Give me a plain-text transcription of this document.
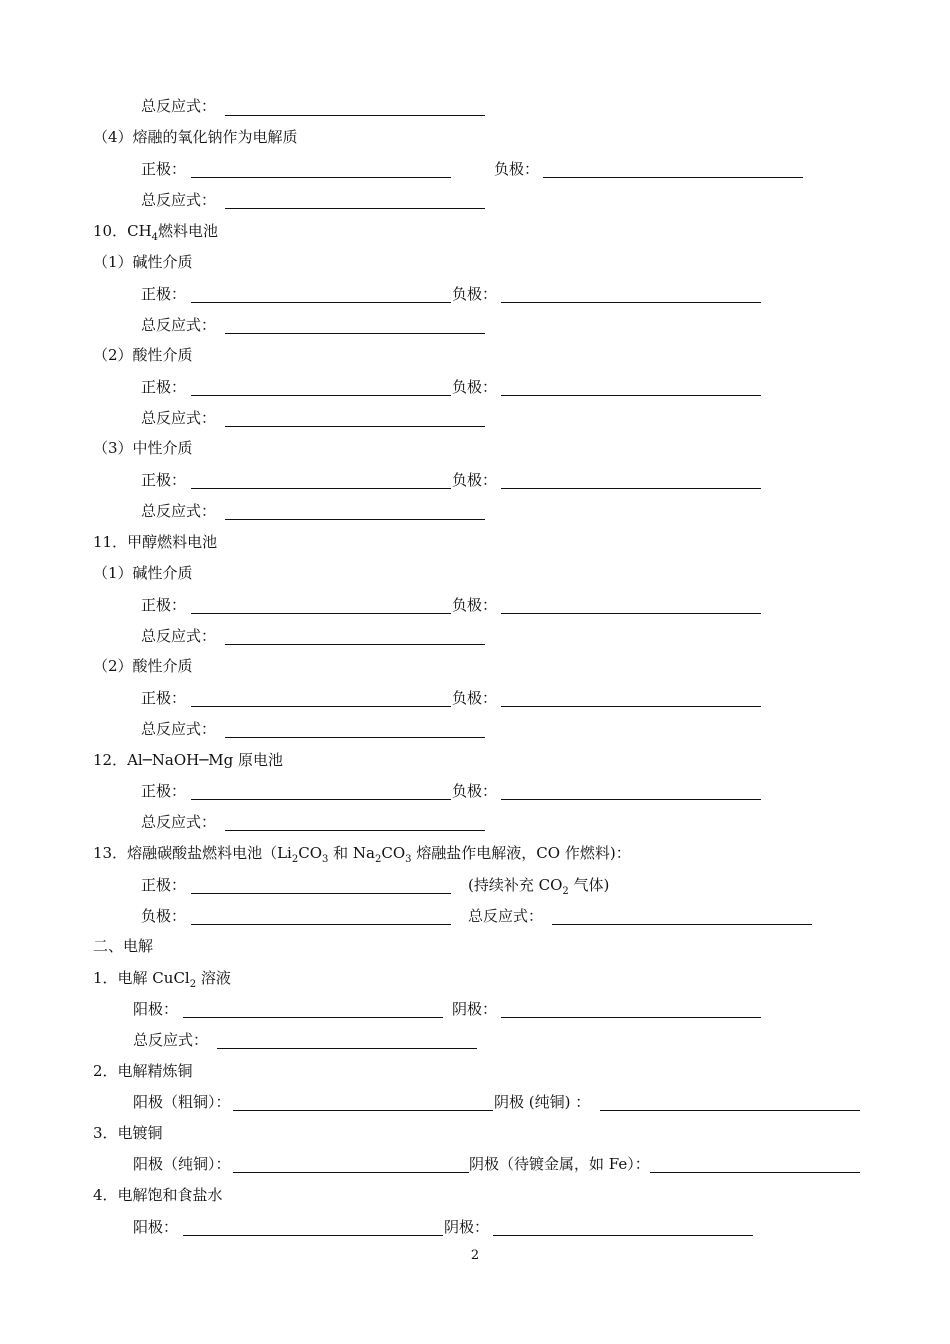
总反应式：
（4）熔融的氧化钠作为电解质
正极：	负极：
总反应式：
10．$CH_4$燃料电池
（1）碱性介质
正极：	负极：
总反应式：
（2）酸性介质
正极：	负极：
总反应式：
（3）中性介质
正极：	负极：
总反应式：
11．甲醇燃料电池
（1）碱性介质
正极：	负极：
总反应式：
（2）酸性介质
正极：	负极：
总反应式：
12．Al─NaOH─Mg 原电池
正极：	负极：
总反应式：
13．熔融碳酸盐燃料电池（$Li_2CO_3$ 和 $Na_2CO_3$ 熔融盐作电解液，CO 作燃料)：
正极：	(持续补充 $CO_2$ 气体)
负极：	总反应式：
二、电解
1．电解 CuCl$_2$ 溶液
阳极：	阴极：
总反应式：
2．电解精炼铜
阳极（粗铜）：	阴极 (纯铜) ：
3．电镀铜
阳极（纯铜）：	阴极（待镀金属，如 Fe）：
4．电解饱和食盐水
阳极：	阴极：
2
